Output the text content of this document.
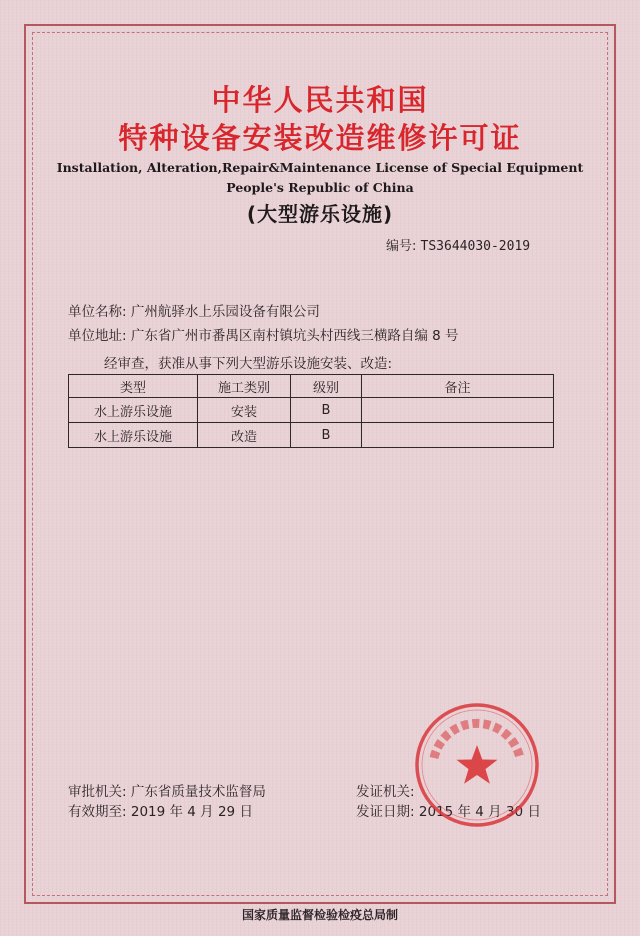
中华人民共和国
特种设备安装改造维修许可证

Installation, Alteration,Repair&Maintenance License of Special Equipment

People's Republic of China

(大型游乐设施)

编号: TS3644030-2019
单位名称: 广州航驿水上乐园设备有限公司
单位地址: 广东省广州市番禺区南村镇坑头村西线三横路自编 8 号
经审查，获准从事下列大型游乐设施安装、改造:
类型	施工类别	级别	备注
水上游乐设施	安装	B	
水上游乐设施	改造	B	
审批机关: 广东省质量技术监督局
有效期至: 2019 年 4 月 29 日
发证机关:
发证日期: 2015 年 4 月 30 日
国家质量监督检验检疫总局制
